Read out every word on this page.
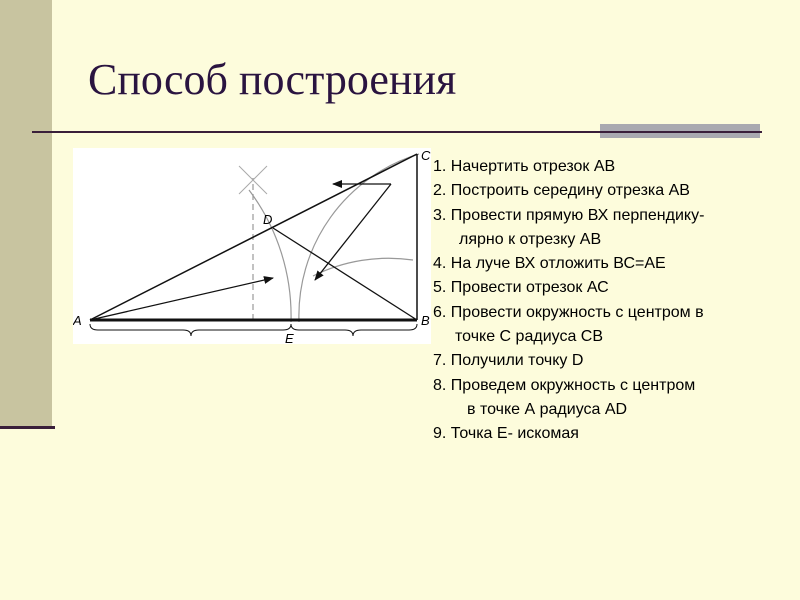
Способ построения
A	B
C
D
E
1. Начертить отрезок АВ
2. Построить середину отрезка АВ
3. Провести прямую ВХ перпендику-
лярно к отрезку АВ
4. На луче ВХ отложить ВС=АЕ
5. Провести отрезок АС
6. Провести окружность с центром в
точке С радиуса СВ
7. Получили точку D
8. Проведем окружность с центром
в точке А радиуса АD
9. Точка Е- искомая
